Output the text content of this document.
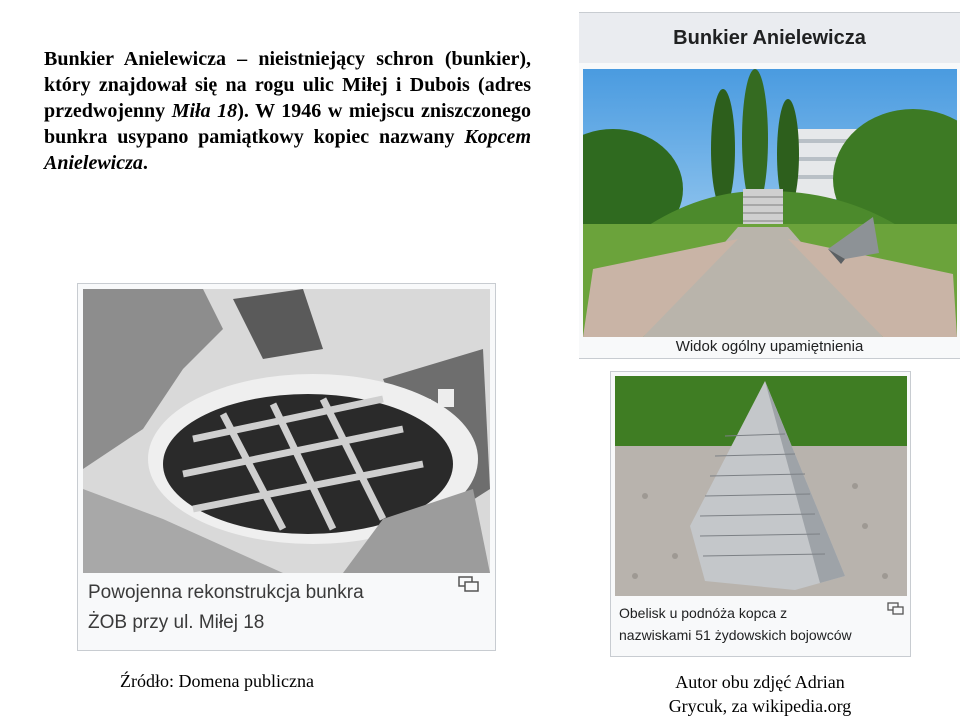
Bunkier Anielewicza – nieistniejący schron (bunkier), który znajdował się na rogu ulic Miłej i Dubois (adres przedwojenny Miła 18). W 1946 w miejscu zniszczonego bunkra usypano pamiątkowy kopiec nazwany Kopcem Anielewicza.
Bunkier Anielewicza
Widok ogólny upamiętnienia
Powojenna rekonstrukcja bunkra
ŻOB przy ul. Miłej 18	Obelisk u podnóża kopca z
nazwiskami 51 żydowskich bojowców
Źródło: Domena publiczna	Autor obu zdjęć Adrian
Grycuk, za wikipedia.org
